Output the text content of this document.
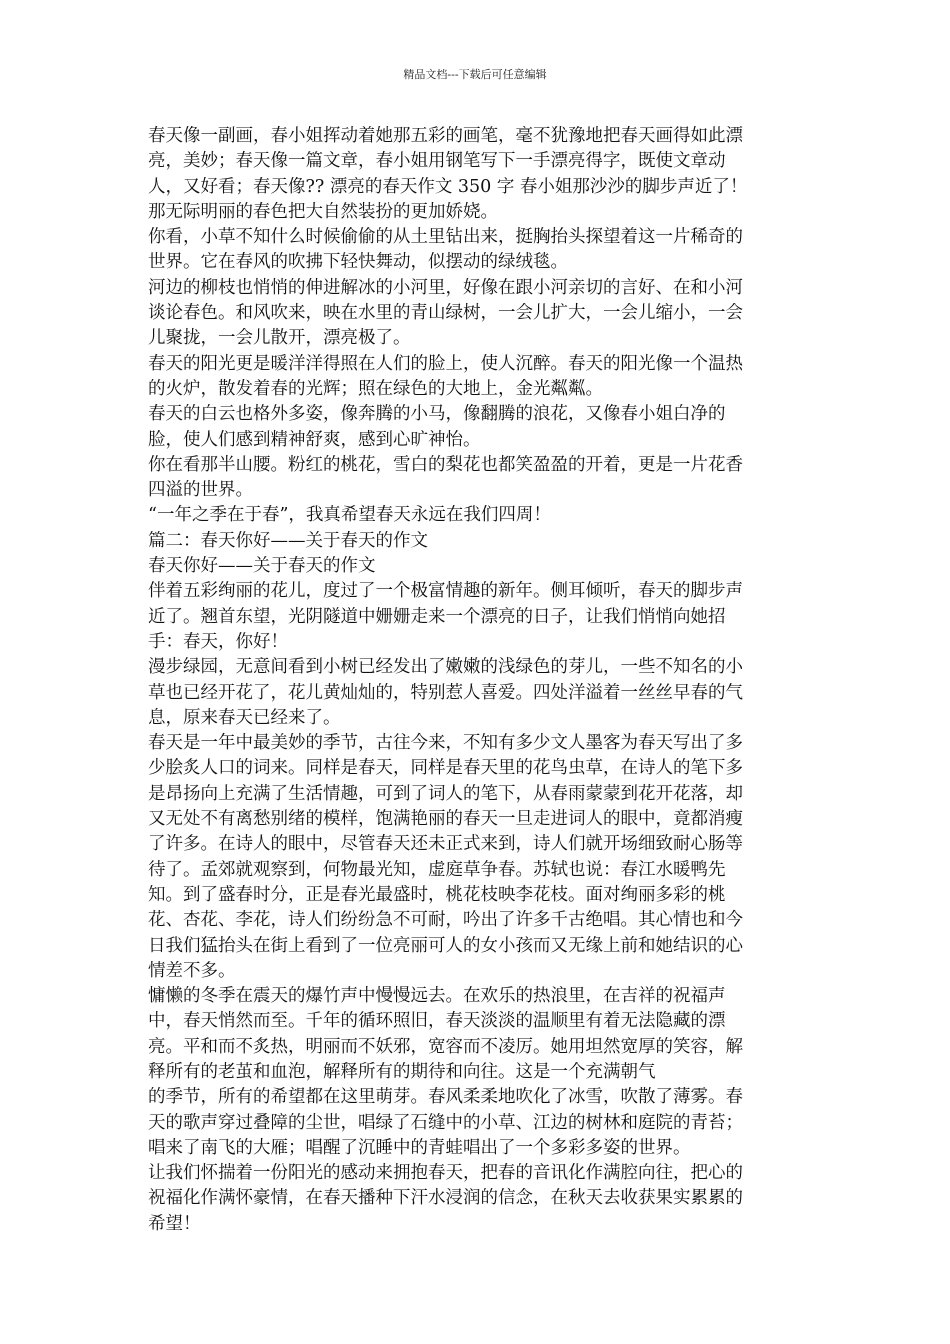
精品文档---下载后可任意编辑
春天像一副画，春小姐挥动着她那五彩的画笔，毫不犹豫地把春天画得如此漂
亮，美妙；春天像一篇文章，春小姐用钢笔写下一手漂亮得字，既使文章动
人，又好看；春天像?? 漂亮的春天作文 350 字 春小姐那沙沙的脚步声近了！
那无际明丽的春色把大自然装扮的更加娇娆。
你看，小草不知什么时候偷偷的从土里钻出来，挺胸抬头探望着这一片稀奇的
世界。它在春风的吹拂下轻快舞动，似摆动的绿绒毯。
河边的柳枝也悄悄的伸进解冰的小河里，好像在跟小河亲切的言好、在和小河
谈论春色。和风吹来，映在水里的青山绿树，一会儿扩大，一会儿缩小，一会
儿聚拢，一会儿散开，漂亮极了。
春天的阳光更是暖洋洋得照在人们的脸上，使人沉醉。春天的阳光像一个温热
的火炉，散发着春的光辉；照在绿色的大地上，金光粼粼。
春天的白云也格外多姿，像奔腾的小马，像翻腾的浪花，又像春小姐白净的
脸，使人们感到精神舒爽，感到心旷神怡。
你在看那半山腰。粉红的桃花，雪白的梨花也都笑盈盈的开着，更是一片花香
四溢的世界。
“一年之季在于春”，我真希望春天永远在我们四周！
篇二：春天你好——关于春天的作文
春天你好——关于春天的作文
伴着五彩绚丽的花儿，度过了一个极富情趣的新年。侧耳倾听，春天的脚步声
近了。翘首东望，光阴隧道中姗姗走来一个漂亮的日子，让我们悄悄向她招
手：春天，你好！
漫步绿园，无意间看到小树已经发出了嫩嫩的浅绿色的芽儿，一些不知名的小
草也已经开花了，花儿黄灿灿的，特别惹人喜爱。四处洋溢着一丝丝早春的气
息，原来春天已经来了。
春天是一年中最美妙的季节，古往今来，不知有多少文人墨客为春天写出了多
少脍炙人口的词来。同样是春天，同样是春天里的花鸟虫草，在诗人的笔下多
是昂扬向上充满了生活情趣，可到了词人的笔下，从春雨蒙蒙到花开花落，却
又无处不有离愁别绪的模样，饱满艳丽的春天一旦走进词人的眼中，竟都消瘦
了许多。在诗人的眼中，尽管春天还未正式来到，诗人们就开场细致耐心肠等
待了。孟郊就观察到，何物最光知，虚庭草争春。苏轼也说：春江水暖鸭先
知。到了盛春时分，正是春光最盛时，桃花枝映李花枝。面对绚丽多彩的桃
花、杏花、李花，诗人们纷纷急不可耐，吟出了许多千古绝唱。其心情也和今
日我们猛抬头在街上看到了一位亮丽可人的女小孩而又无缘上前和她结识的心
情差不多。
慵懒的冬季在震天的爆竹声中慢慢远去。在欢乐的热浪里，在吉祥的祝福声
中，春天悄然而至。千年的循环照旧，春天淡淡的温顺里有着无法隐藏的漂
亮。平和而不炙热，明丽而不妖邪，宽容而不凌厉。她用坦然宽厚的笑容，解
释所有的老茧和血泡，解释所有的期待和向往。这是一个充满朝气
的季节，所有的希望都在这里萌芽。春风柔柔地吹化了冰雪，吹散了薄雾。春
天的歌声穿过叠障的尘世，唱绿了石缝中的小草、江边的树林和庭院的青苔；
唱来了南飞的大雁；唱醒了沉睡中的青蛙唱出了一个多彩多姿的世界。
让我们怀揣着一份阳光的感动来拥抱春天，把春的音讯化作满腔向往，把心的
祝福化作满怀豪情，在春天播种下汗水浸润的信念，在秋天去收获果实累累的
希望！
